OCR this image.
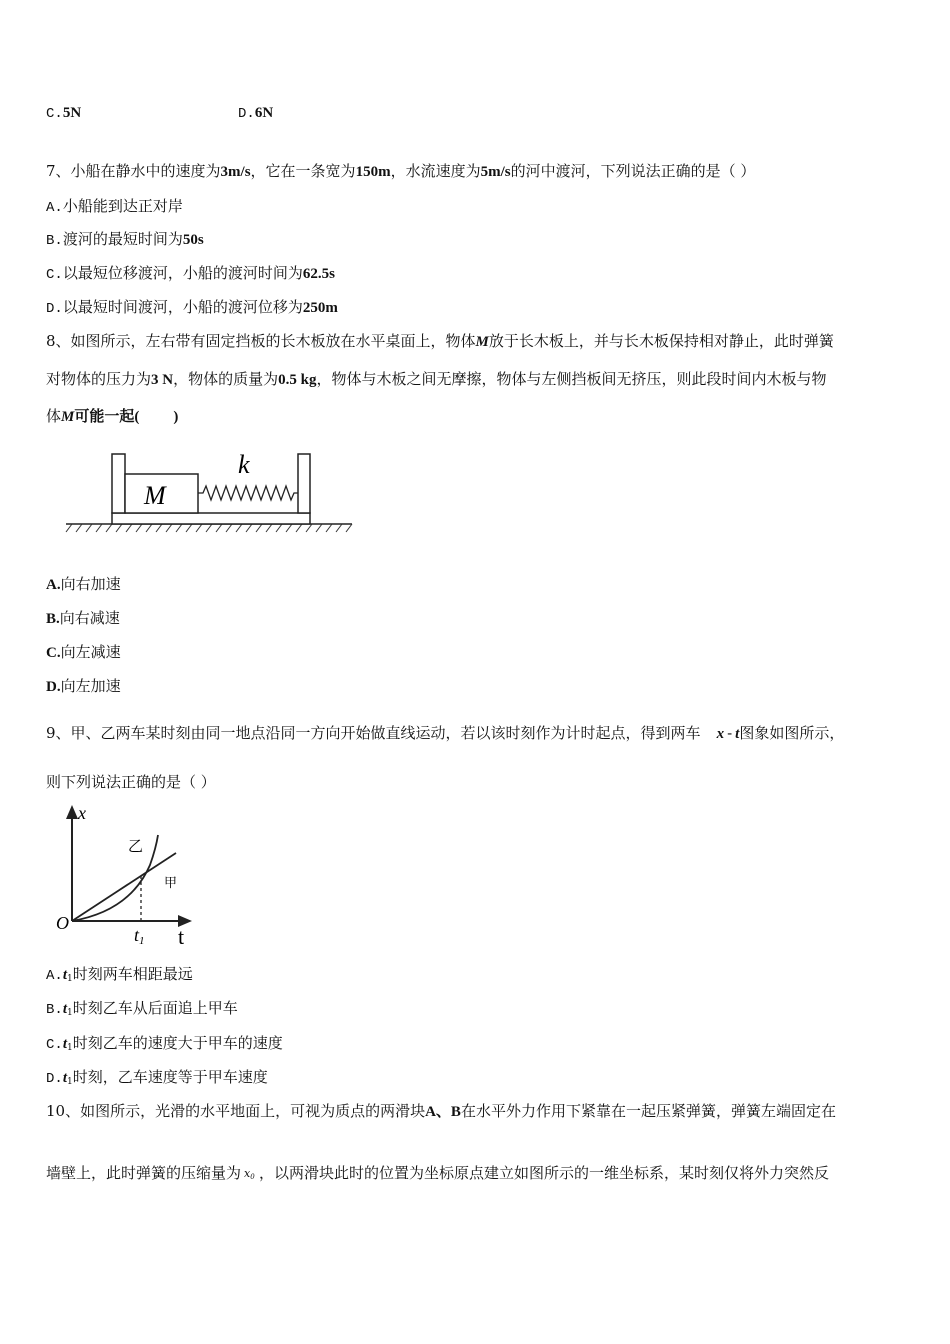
C.5N	D.6N
7、小船在静水中的速度为3m/s，它在一条宽为150m，水流速度为5m/s的河中渡河，下列说法正确的是（ ）
A.小船能到达正对岸
B.渡河的最短时间为50s
C.以最短位移渡河，小船的渡河时间为62.5s
D.以最短时间渡河，小船的渡河位移为250m
8、如图所示，左右带有固定挡板的长木板放在水平桌面上，物体M放于长木板上，并与长木板保持相对静止，此时弹簧
对物体的压力为3 N，物体的质量为0.5 kg，物体与木板之间无摩擦，物体与左侧挡板间无挤压，则此段时间内木板与物
体M可能一起( )
M
k
A.向右加速
B.向右减速
C.向左减速
D.向左加速
9、甲、乙两车某时刻由同一地点沿同一方向开始做直线运动，若以该时刻作为计时起点，得到两车 x - t图象如图所示，
则下列说法正确的是（ ）
x
t
O
乙
甲
t1
$A.t_1$时刻两车相距最远
$B.t_1$时刻乙车从后面追上甲车
$C.t_1$时刻乙车的速度大于甲车的速度
$D.t_1$时刻，乙车速度等于甲车速度
10、如图所示，光滑的水平地面上，可视为质点的两滑块A、B在水平外力作用下紧靠在一起压紧弹簧，弹簧左端固定在
墙壁上，此时弹簧的压缩量为 x0 ，以两滑块此时的位置为坐标原点建立如图所示的一维坐标系，某时刻仅将外力突然反
